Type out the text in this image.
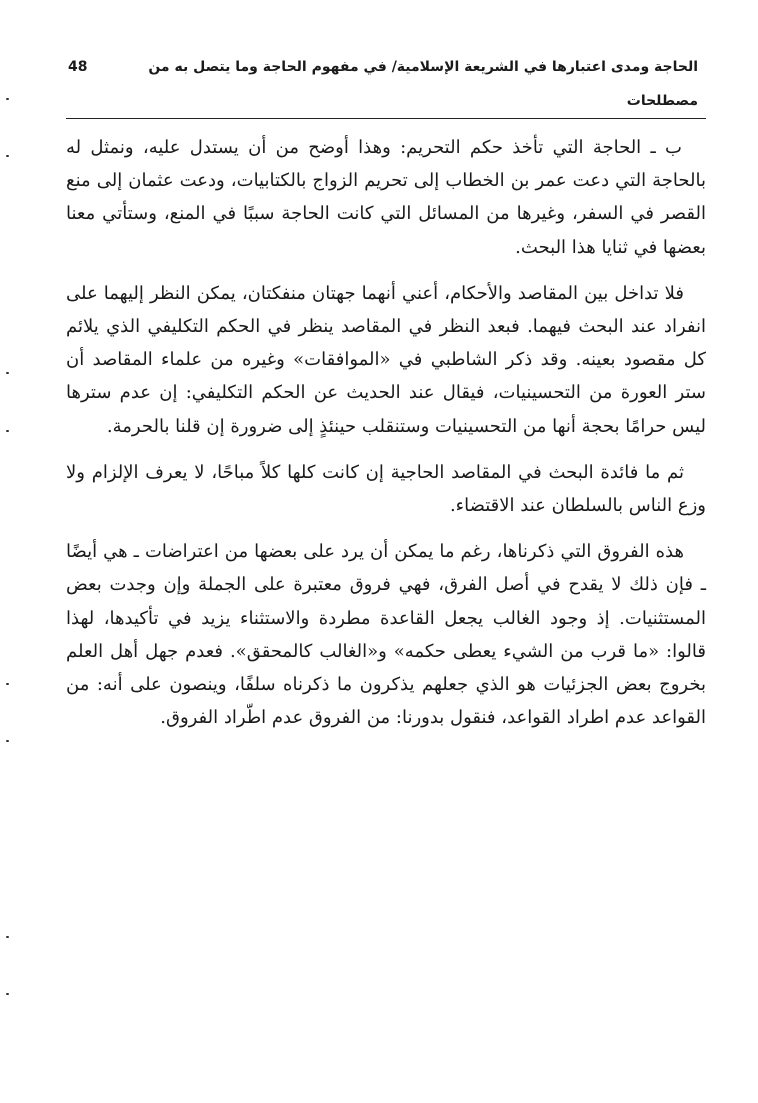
الحاجة ومدى اعتبارها في الشريعة الإسلامية/ في مفهوم الحاجة وما يتصل به من مصطلحات
48

ب ـ الحاجة التي تأخذ حكم التحريم: وهذا أوضح من أن يستدل عليه، ونمثل له بالحاجة التي دعت عمر بن الخطاب إلى تحريم الزواج بالكتابيات، ودعت عثمان إلى منع القصر في السفر، وغيرها من المسائل التي كانت الحاجة سببًا في المنع، وستأتي معنا بعضها في ثنايا هذا البحث.

فلا تداخل بين المقاصد والأحكام، أعني أنهما جهتان منفكتان، يمكن النظر إليهما على انفراد عند البحث فيهما. فبعد النظر في المقاصد ينظر في الحكم التكليفي الذي يلائم كل مقصود بعينه. وقد ذكر الشاطبي في «الموافقات» وغيره من علماء المقاصد أن ستر العورة من التحسينيات، فيقال عند الحديث عن الحكم التكليفي: إن عدم سترها ليس حرامًا بحجة أنها من التحسينيات وستنقلب حينئذٍ إلى ضرورة إن قلنا بالحرمة.

ثم ما فائدة البحث في المقاصد الحاجية إن كانت كلها كلاً مباحًا، لا يعرف الإلزام ولا وزع الناس بالسلطان عند الاقتضاء.

هذه الفروق التي ذكرناها، رغم ما يمكن أن يرد على بعضها من اعتراضات ـ هي أيضًا ـ فإن ذلك لا يقدح في أصل الفرق، فهي فروق معتبرة على الجملة وإن وجدت بعض المستثنيات. إذ وجود الغالب يجعل القاعدة مطردة والاستثناء يزيد في تأكيدها، لهذا قالوا: «ما قرب من الشيء يعطى حكمه» و«الغالب كالمحقق». فعدم جهل أهل العلم بخروج بعض الجزئيات هو الذي جعلهم يذكرون ما ذكرناه سلفًا، وينصون على أنه: من القواعد عدم اطراد القواعد، فنقول بدورنا: من الفروق عدم اطّراد الفروق.
